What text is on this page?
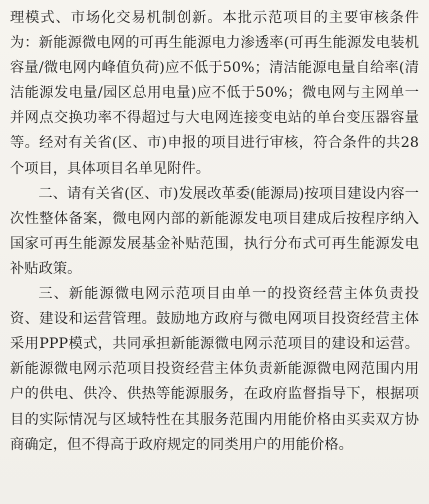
理模式、市场化交易机制创新。本批示范项目的主要审核条件为：新能源微电网的可再生能源电力渗透率(可再生能源发电装机容量/微电网内峰值负荷)应不低于50%；清洁能源电量自给率(清洁能源发电量/园区总用电量)应不低于50%；微电网与主网单一并网点交换功率不得超过与大电网连接变电站的单台变压器容量等。经对有关省(区、市)申报的项目进行审核，符合条件的共28个项目，具体项目名单见附件。

二、请有关省(区、市)发展改革委(能源局)按项目建设内容一次性整体备案，微电网内部的新能源发电项目建成后按程序纳入国家可再生能源发展基金补贴范围，执行分布式可再生能源发电补贴政策。

三、新能源微电网示范项目由单一的投资经营主体负责投资、建设和运营管理。鼓励地方政府与微电网项目投资经营主体采用PPP模式，共同承担新能源微电网示范项目的建设和运营。新能源微电网示范项目投资经营主体负责新能源微电网范围内用户的供电、供冷、供热等能源服务，在政府监督指导下，根据项目的实际情况与区域特性在其服务范围内用能价格由买卖双方协商确定，但不得高于政府规定的同类用户的用能价格。
